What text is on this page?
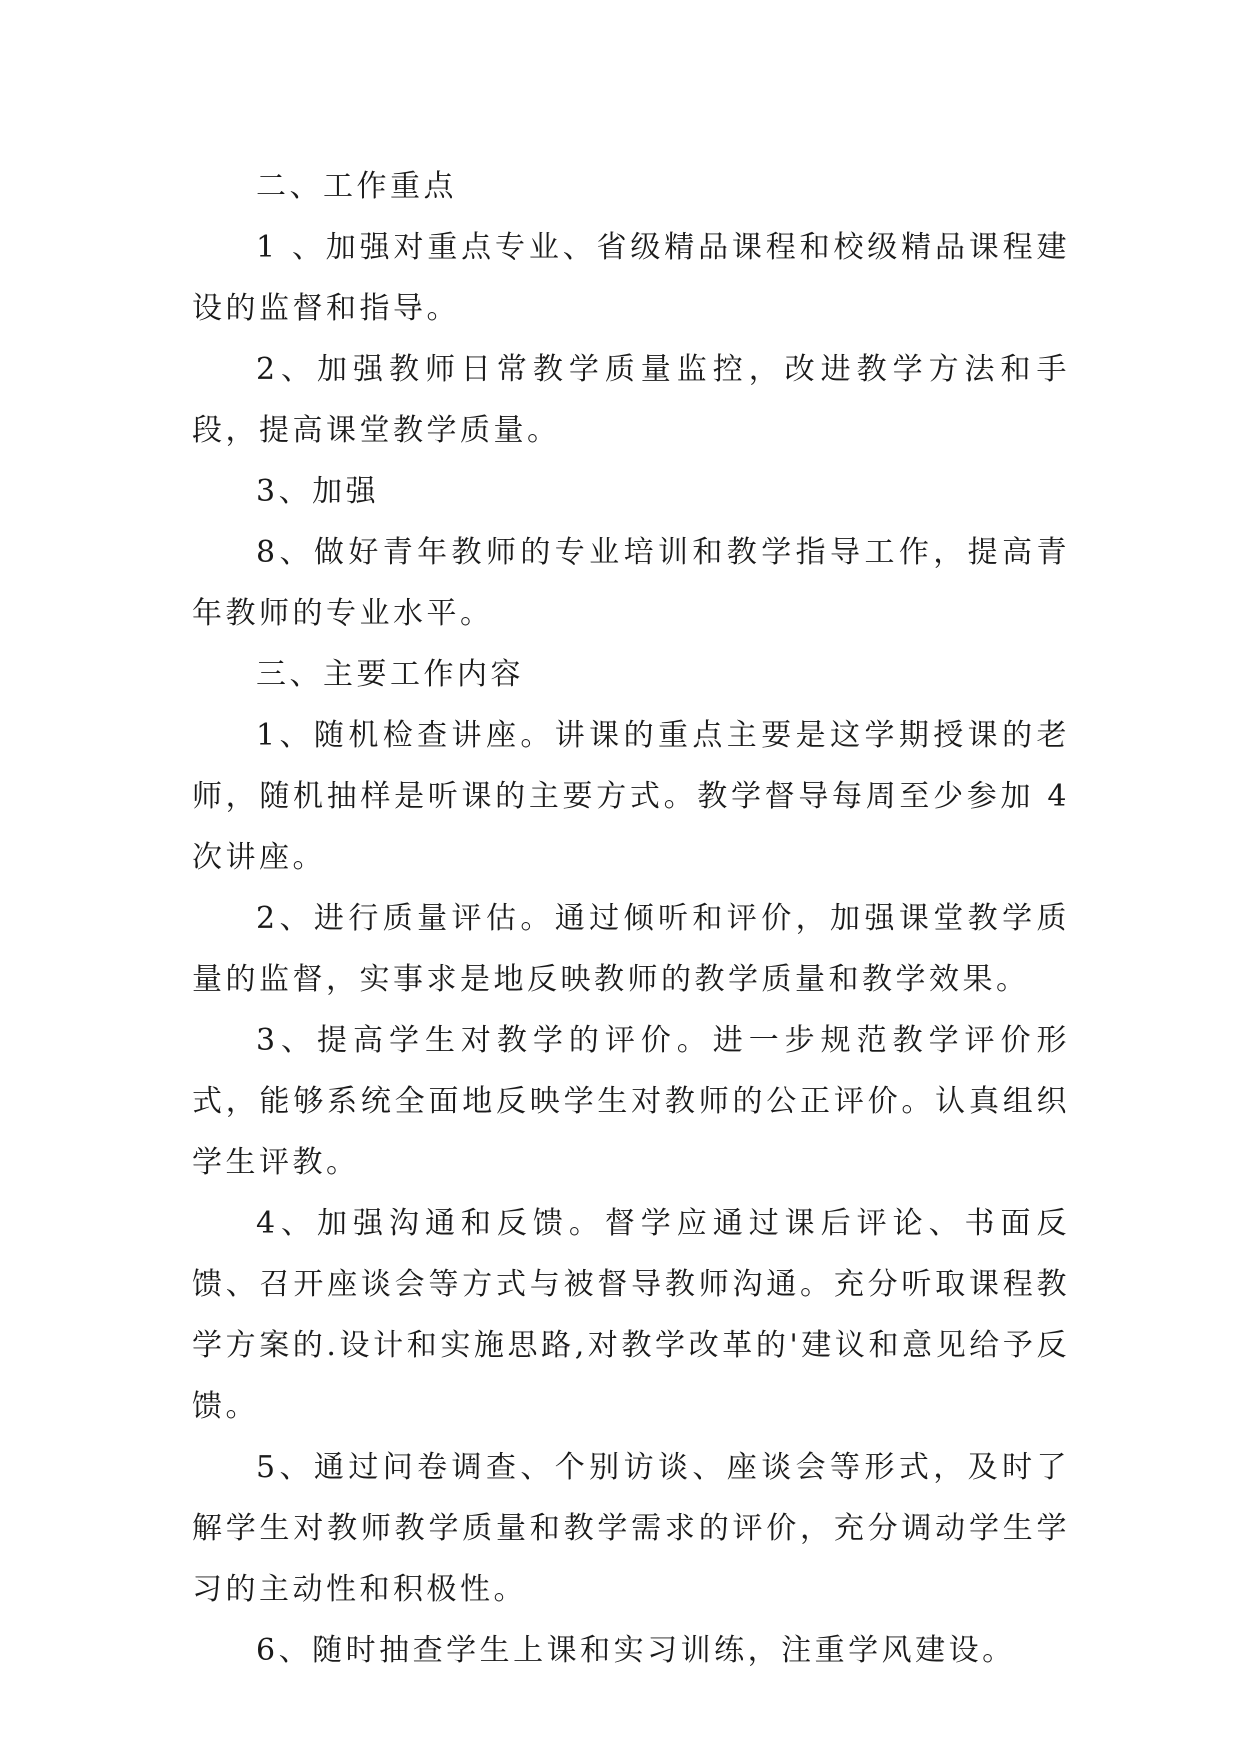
二、工作重点

1 、加强对重点专业、省级精品课程和校级精品课程建设的监督和指导。

2、加强教师日常教学质量监控，改进教学方法和手段，提高课堂教学质量。

3、加强

8、做好青年教师的专业培训和教学指导工作，提高青年教师的专业水平。

三、主要工作内容

1、随机检查讲座。讲课的重点主要是这学期授课的老师，随机抽样是听课的主要方式。教学督导每周至少参加 4 次讲座。

2、进行质量评估。通过倾听和评价，加强课堂教学质量的监督，实事求是地反映教师的教学质量和教学效果。

3、提高学生对教学的评价。进一步规范教学评价形式，能够系统全面地反映学生对教师的公正评价。认真组织学生评教。

4、加强沟通和反馈。督学应通过课后评论、书面反馈、召开座谈会等方式与被督导教师沟通。充分听取课程教学方案的.设计和实施思路,对教学改革的'建议和意见给予反馈。

5、通过问卷调查、个别访谈、座谈会等形式，及时了解学生对教师教学质量和教学需求的评价，充分调动学生学习的主动性和积极性。

6、随时抽查学生上课和实习训练，注重学风建设。
